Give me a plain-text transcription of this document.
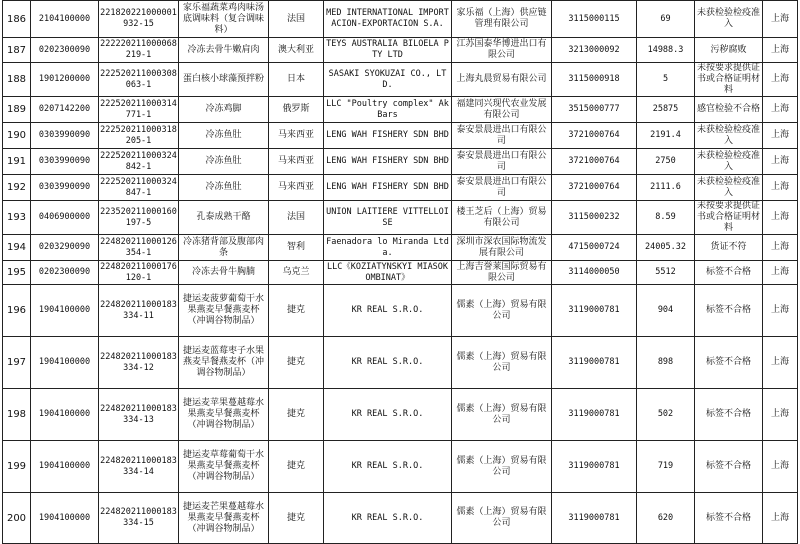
186	2104100000	221820221000001932-15	家乐福蔬菜鸡肉味汤底调味料（复合调味料）	法国	MED INTERNATIONAL IMPORTACION-EXPORTACION S.A.	家乐福（上海）供应链管理有限公司	3115000115	69	未获检验检疫准入	上海
187	0202300090	222220211000068219-1	冷冻去骨牛嫩肩肉	澳大利亚	TEYS AUSTRALIA BILOELA PTY LTD	江苏国泰华博进出口有限公司	3213000092	14988.3	污秽腐败	上海
188	1901200000	222520211000308063-1	蛋白核小球藻预拌粉	日本	SASAKI SYOKUZAI CO., LTD.	上海丸晨贸易有限公司	3115000918	5	未按要求提供证书或合格证明材料	上海
189	0207142200	222520211000314771-1	冷冻鸡脚	俄罗斯	LLC "Poultry complex" Ak Bars	福建同兴现代农业发展有限公司	3515000777	25875	感官检验不合格	上海
190	0303990090	222520211000318205-1	冷冻鱼肚	马来西亚	LENG WAH FISHERY SDN BHD	泰安景晨进出口有限公司	3721000764	2191.4	未获检验检疫准入	上海
191	0303990090	222520211000324842-1	冷冻鱼肚	马来西亚	LENG WAH FISHERY SDN BHD	泰安景晨进出口有限公司	3721000764	2750	未获检验检疫准入	上海
192	0303990090	222520211000324847-1	冷冻鱼肚	马来西亚	LENG WAH FISHERY SDN BHD	泰安景晨进出口有限公司	3721000764	2111.6	未获检验检疫准入	上海
193	0406900000	223520211000160197-5	孔泰成熟干酪	法国	UNION LAITIERE VITTELLOISE	楼王芝后（上海）贸易有限公司	3115000232	8.59	未按要求提供证书或合格证明材料	上海
194	0203290090	224820211000126354-1	冷冻猪背部及腹部肉条	智利	Faenadora lo Miranda Ltda.	深圳市深农国际物流发展有限公司	4715000724	24005.32	货证不符	上海
195	0202300090	224820211000176120-1	冷冻去骨牛胸腩	乌克兰	LLC《KOZIATYNSKYI MIASOKOMBINAT》	上海吉誉莱国际贸易有限公司	3114000050	5512	标签不合格	上海
196	1904100000	224820211000183334-11	捷运麦菠萝葡萄干水果燕麦早餐燕麦杯（冲调谷物制品）	捷克	KR REAL S.R.O.	儒素（上海）贸易有限公司	3119000781	904	标签不合格	上海
197	1904100000	224820211000183334-12	捷运麦蓝莓枣子水果燕麦早餐燕麦杯（冲调谷物制品）	捷克	KR REAL S.R.O.	儒素（上海）贸易有限公司	3119000781	898	标签不合格	上海
198	1904100000	224820211000183334-13	捷运麦苹果蔓越莓水果燕麦早餐燕麦杯（冲调谷物制品）	捷克	KR REAL S.R.O.	儒素（上海）贸易有限公司	3119000781	502	标签不合格	上海
199	1904100000	224820211000183334-14	捷运麦草莓葡萄干水果燕麦早餐燕麦杯（冲调谷物制品）	捷克	KR REAL S.R.O.	儒素（上海）贸易有限公司	3119000781	719	标签不合格	上海
200	1904100000	224820211000183334-15	捷运麦芒果蔓越莓水果燕麦早餐燕麦杯（冲调谷物制品）	捷克	KR REAL S.R.O.	儒素（上海）贸易有限公司	3119000781	620	标签不合格	上海
